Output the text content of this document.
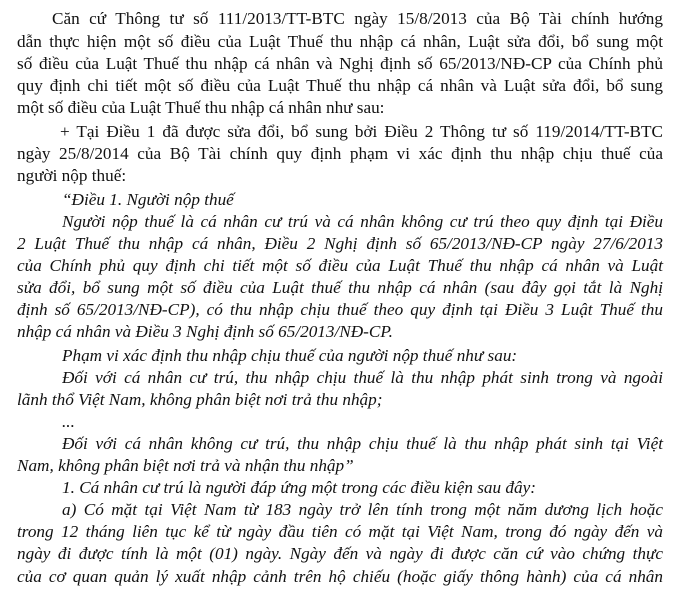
Căn cứ Thông tư số 111/2013/TT-BTC ngày 15/8/2013 của Bộ Tài chính hướng
dẫn thực hiện một số điều của Luật Thuế thu nhập cá nhân, Luật sửa đổi, bổ sung một
số điều của Luật Thuế thu nhập cá nhân và Nghị định số 65/2013/NĐ-CP của Chính phủ
quy định chi tiết một số điều của Luật Thuế thu nhập cá nhân và Luật sửa đổi, bổ sung
một số điều của Luật Thuế thu nhập cá nhân như sau:
+ Tại Điều 1 đã được sửa đổi, bổ sung bởi Điều 2 Thông tư số 119/2014/TT-BTC
ngày 25/8/2014 của Bộ Tài chính quy định phạm vi xác định thu nhập chịu thuế của
người nộp thuế:
“Điều 1. Người nộp thuế
Người nộp thuế là cá nhân cư trú và cá nhân không cư trú theo quy định tại Điều
2 Luật Thuế thu nhập cá nhân, Điều 2 Nghị định số 65/2013/NĐ-CP ngày 27/6/2013
của Chính phủ quy định chi tiết một số điều của Luật Thuế thu nhập cá nhân và Luật
sửa đổi, bổ sung một số điều của Luật thuế thu nhập cá nhân (sau đây gọi tắt là Nghị
định số 65/2013/NĐ-CP), có thu nhập chịu thuế theo quy định tại Điều 3 Luật Thuế thu
nhập cá nhân và Điều 3 Nghị định số 65/2013/NĐ-CP.
Phạm vi xác định thu nhập chịu thuế của người nộp thuế như sau:
Đối với cá nhân cư trú, thu nhập chịu thuế là thu nhập phát sinh trong và ngoài
lãnh thổ Việt Nam, không phân biệt nơi trả thu nhập;
...
Đối với cá nhân không cư trú, thu nhập chịu thuế là thu nhập phát sinh tại Việt
Nam, không phân biệt nơi trả và nhận thu nhập”
1. Cá nhân cư trú là người đáp ứng một trong các điều kiện sau đây:
a) Có mặt tại Việt Nam từ 183 ngày trở lên tính trong một năm dương lịch hoặc
trong 12 tháng liên tục kể từ ngày đầu tiên có mặt tại Việt Nam, trong đó ngày đến và
ngày đi được tính là một (01) ngày. Ngày đến và ngày đi được căn cứ vào chứng thực
của cơ quan quản lý xuất nhập cảnh trên hộ chiếu (hoặc giấy thông hành) của cá nhân
